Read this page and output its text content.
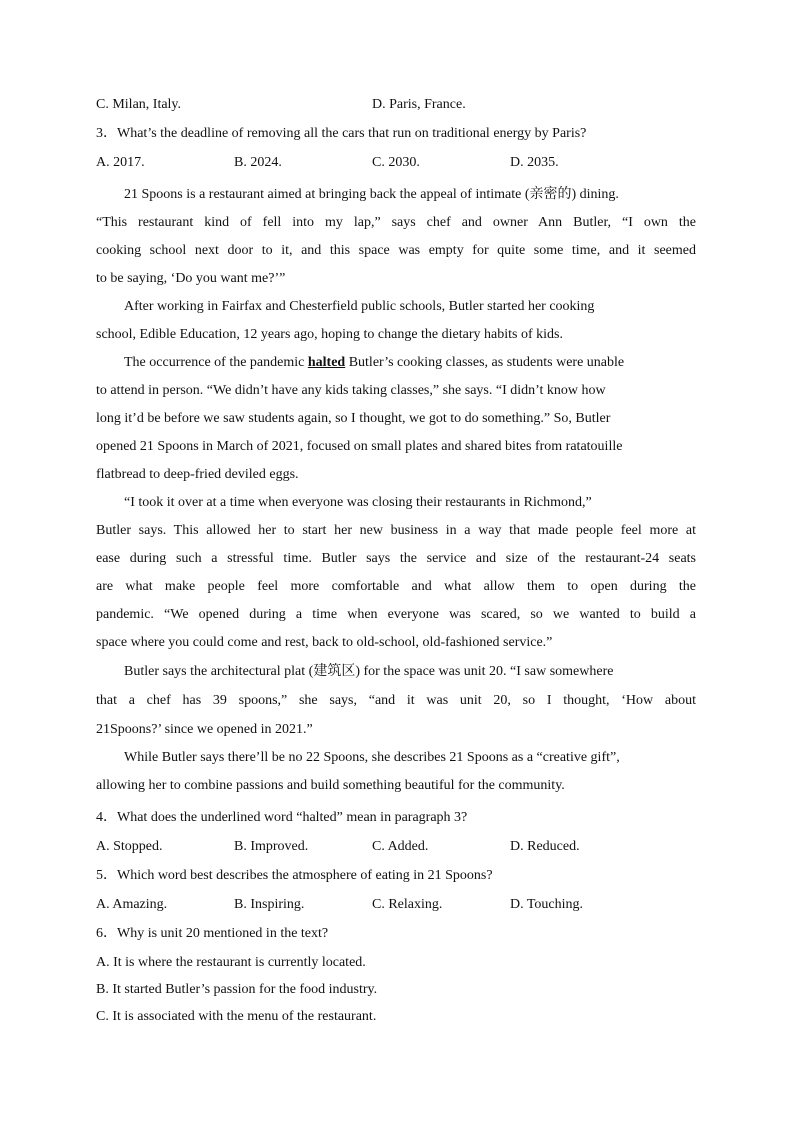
C. Milan, Italy.	D. Paris, France.
3．What’s the deadline of removing all the cars that run on traditional energy by Paris?
A. 2017.	B. 2024.	C. 2030.	D. 2035.
21 Spoons is a restaurant aimed at bringing back the appeal of intimate (亲密的) dining.
“This restaurant kind of fell into my lap,” says chef and owner Ann Butler, “I own the
cooking school next door to it, and this space was empty for quite some time, and it seemed
to be saying, ‘Do you want me?’”
After working in Fairfax and Chesterfield public schools, Butler started her cooking
school, Edible Education, 12 years ago, hoping to change the dietary habits of kids.
The occurrence of the pandemic halted Butler’s cooking classes, as students were unable
to attend in person. “We didn’t have any kids taking classes,” she says. “I didn’t know how
long it’d be before we saw students again, so I thought, we got to do something.” So, Butler
opened 21 Spoons in March of 2021, focused on small plates and shared bites from ratatouille
flatbread to deep-fried deviled eggs.
“I took it over at a time when everyone was closing their restaurants in Richmond,”
Butler says. This allowed her to start her new business in a way that made people feel more at
ease during such a stressful time. Butler says the service and size of the restaurant-24 seats
are what make people feel more comfortable and what allow them to open during the
pandemic. “We opened during a time when everyone was scared, so we wanted to build a
space where you could come and rest, back to old-school, old-fashioned service.”
Butler says the architectural plat (建筑区) for the space was unit 20. “I saw somewhere
that a chef has 39 spoons,” she says, “and it was unit 20, so I thought, ‘How about
21Spoons?’ since we opened in 2021.”
While Butler says there’ll be no 22 Spoons, she describes 21 Spoons as a “creative gift”,
allowing her to combine passions and build something beautiful for the community.
4．What does the underlined word “halted” mean in paragraph 3?
A. Stopped.	B. Improved.	C. Added.	D. Reduced.
5．Which word best describes the atmosphere of eating in 21 Spoons?
A. Amazing.	B. Inspiring.	C. Relaxing.	D. Touching.
6．Why is unit 20 mentioned in the text?
A. It is where the restaurant is currently located.
B. It started Butler’s passion for the food industry.
C. It is associated with the menu of the restaurant.
